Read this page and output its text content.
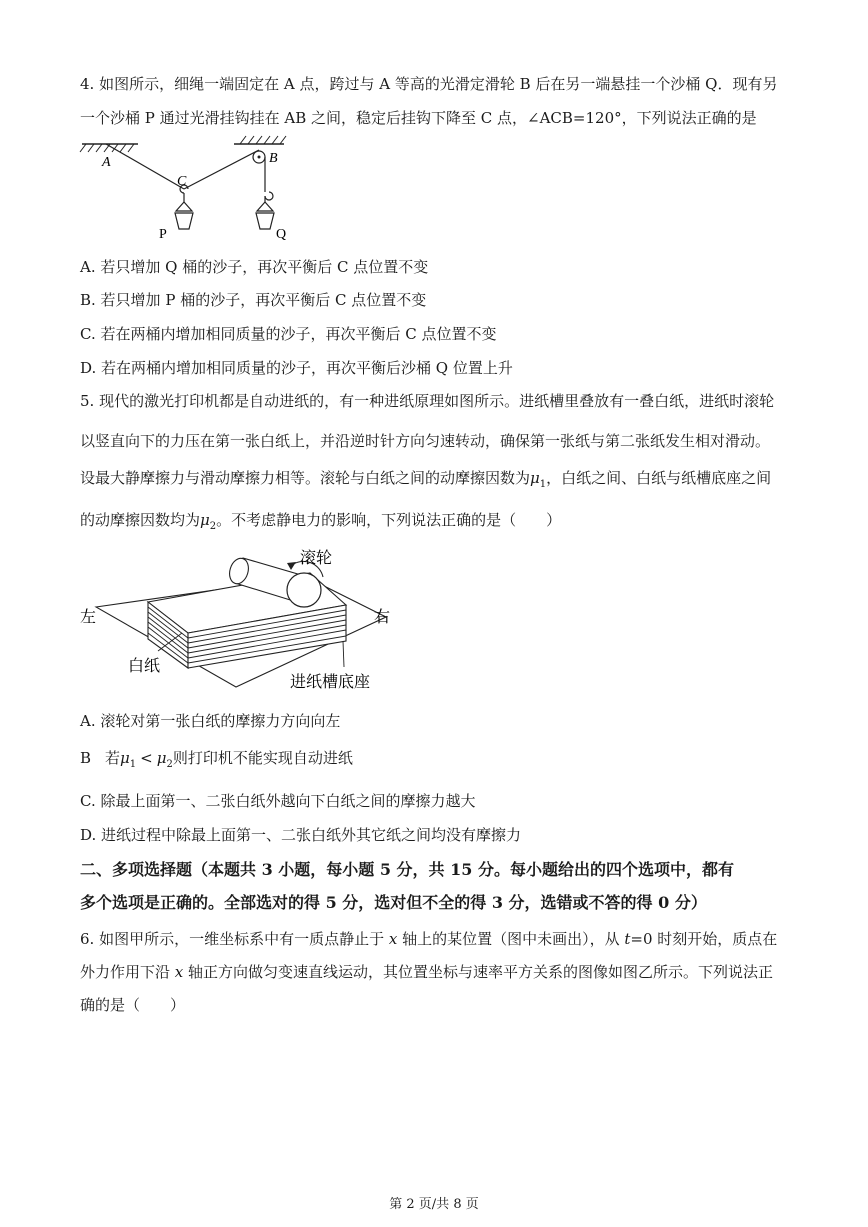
4. 如图所示，细绳一端固定在 A 点，跨过与 A 等高的光滑定滑轮 B 后在另一端悬挂一个沙桶 Q．现有另
一个沙桶 P 通过光滑挂钩挂在 AB 之间，稳定后挂钩下降至 C 点，∠ACB=120°，下列说法正确的是
A	B
C
P	Q
A. 若只增加 Q 桶的沙子，再次平衡后 C 点位置不变
B. 若只增加 P 桶的沙子，再次平衡后 C 点位置不变
C. 若在两桶内增加相同质量的沙子，再次平衡后 C 点位置不变
D. 若在两桶内增加相同质量的沙子，再次平衡后沙桶 Q 位置上升
5. 现代的激光打印机都是自动进纸的，有一种进纸原理如图所示。进纸槽里叠放有一叠白纸，进纸时滚轮
以竖直向下的力压在第一张白纸上，并沿逆时针方向匀速转动，确保第一张纸与第二张纸发生相对滑动。
设最大静摩擦力与滑动摩擦力相等。滚轮与白纸之间的动摩擦因数为$\mu_1$，白纸之间、白纸与纸槽底座之间
的动摩擦因数均为$\mu_2$。不考虑静电力的影响，下列说法正确的是（　　）
滚轮
左	右
白纸
进纸槽底座
A. 滚轮对第一张白纸的摩擦力方向向左
B 若$\mu_1 < \mu_2$则打印机不能实现自动进纸
C. 除最上面第一、二张白纸外越向下白纸之间的摩擦力越大
D. 进纸过程中除最上面第一、二张白纸外其它纸之间均没有摩擦力
二、多项选择题（本题共 3 小题，每小题 5 分，共 15 分。每小题给出的四个选项中，都有
多个选项是正确的。全部选对的得 5 分，选对但不全的得 3 分，选错或不答的得 0 分）
6. 如图甲所示，一维坐标系中有一质点静止于 x 轴上的某位置（图中未画出），从 t=0 时刻开始，质点在
外力作用下沿 x 轴正方向做匀变速直线运动，其位置坐标与速率平方关系的图像如图乙所示。下列说法正
确的是（　　）
第 2 页/共 8 页
